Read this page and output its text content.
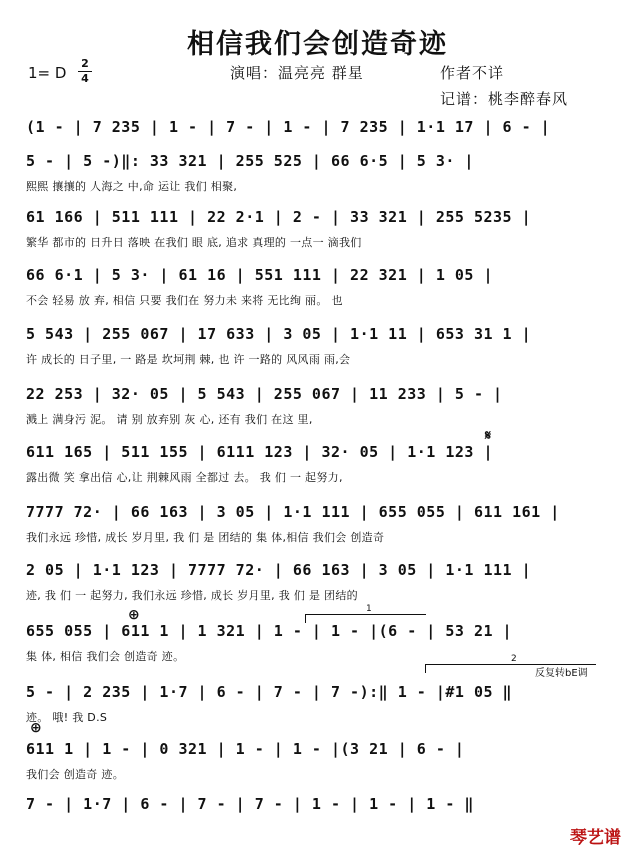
相信我们会创造奇迹
1= D
2
4	演唱：温亮亮 群星	作者不详
记谱：桃李醉春风
(1 - | 7 235 | 1 - | 7 - | 1 - | 7 235 | 1·1 17 | 6 - |
5 - | 5 -)‖: 33 321 | 255 525 | 66 6·5 | 5 3· |
熙熙 攘攘的 人海之 中,命 运让 我们 相聚,
61 166 | 511 111 | 22 2·1 | 2 - | 33 321 | 255 5235 |
繁华 都市的 日升日 落映 在我们 眼 底, 追求 真理的 一点一 滴我们
66 6·1 | 5 3· | 61 16 | 551 111 | 22 321 | 1 05 |
不会 轻易 放 弃, 相信 只要 我们在 努力未 来将 无比绚 丽。 也
5 543 | 255 067 | 17 633 | 3 05 | 1·1 11 | 653 31 1 |
许 成长的 日子里, 一 路是 坎坷荆 棘, 也 许 一路的 风风雨 雨,会
22 253 | 32· 05 | 5 543 | 255 067 | 11 233 | 5 - |
溅上 满身污 泥。 请 别 放弃别 灰 心, 还有 我们 在这 里,
611 165 | 511 155 | 6111 123 | 32· 05 | 1·1 123 |
露出微 笑 拿出信 心,让 荆棘风雨 全都过 去。 我 们 一 起努力,
7777 72· | 66 163 | 3 05 | 1·1 111 | 655 055 | 611 161 |
我们永远 珍惜, 成长 岁月里, 我 们 是 团结的 集 体,相信 我们会 创造奇
2 05 | 1·1 123 | 7777 72· | 66 163 | 3 05 | 1·1 111 |
迹, 我 们 一 起努力, 我们永远 珍惜, 成长 岁月里, 我 们 是 团结的
655 055 | 611 1 | 1 321 | 1 - | 1 - |(6 - | 53 21 |
集 体, 相信 我们会 创造奇 迹。
5 - | 2 235 | 1·7 | 6 - | 7 - | 7 -):‖ 1 - |#1 05 ‖
迹。 哦! 我 D.S
611 1 | 1 - | 0 321 | 1 - | 1 - |(3 21 | 6 - |
我们会 创造奇 迹。
7 - | 1·7 | 6 - | 7 - | 7 - | 1 - | 1 - | 1 - ‖
𝄋
⊕
⊕
1
2
反复转bE调
琴艺谱
